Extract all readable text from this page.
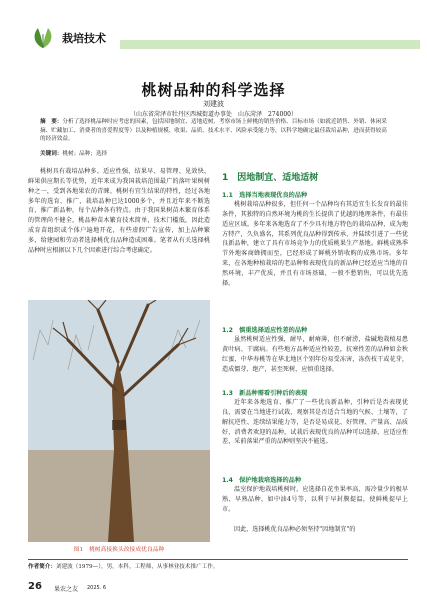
栽培技术
桃树品种的科学选择
刘建波
（山东省菏泽市牡丹区西城街道办事处　山东菏泽　274000）
摘　要：分析了选择桃品种时应考虑的因素，包括因地制宜、适地适树、考察市场上鲜桃的销售价格、目标市场（如就近销售、外销、休闲采摘、贮藏加工、消费者的喜爱程度等）以及种植规模、收果、品质、技术水平、风险承受能力等，以科学地确定最佳栽培品种，进而获得较高的经济效益。
关键词：桃树；品种；选择
桃树具有栽培品种多、适应性强、结果早、易管理、见效快、鲜果供应期长等优势，近年来成为我国栽培范围最广的落叶果树树种之一，受到各地果农的青睐。桃树有宜生结果的特性，经过各地多年的选育、推广，栽培品种已达1000多个，并且近年来不断选育、推广新品种，每个品种各有特点。由于我国果树苗木繁育体系的管理尚不健全，桃品种苗木繁育技术简单，技术门槛低，因此造成育苗组织或个体户遍地开花，有些虚假广告宣传，加上品种繁多，给建园和劳动者选择桃优良品种造成困难。笔者从有关选择桃品种时应根据以下几个因素进行综合考虑确定。
图1　桃树高接换头改接成优良品种
1　因地制宜、适地适树
1.1　选择当地表现优良的品种
桃树栽培品种很多，但任何一个品种均有其适宜生长发育的最佳条件，其独特的自然环境为桃的生长提供了优越的地理条件，有最佳适应区域。多年来各地选育了不少具有地方特色的栽培品种，成为地方特产，久负盛名，其系列优良品种得到传承，并陆续引进了一些优良新品种，建立了具有市场竞争力的优质桃果生产基地。鲜桃成熟季节外地客商蜂拥而至，已经形成了鲜桃外销收购的成熟市场。多年来，在各地种植栽培的老品种和表现优良的新品种已经适应当地的自然环境，丰产优质，并且有市场基础，一般不愁销售，可以优先选择。
1.2　慎重选择适应性差的品种
虽然桃树适应性强，耐旱，耐瘠薄，但不耐涝，盐碱地栽植易患黄叶病、干腐病。有些地方品种适应性较差，抗寒性差的品种如金秋红蜜、中华寿桃等在华北地区个别年份易受冻害，冻伤枝干或花芽，造成僵芽、绝产，甚至死树，应慎重选择。
1.3　新品种需看引种后的表现
近年来各地选育、推广了一些优良新品种，引种后是否表现优良，需要在当地进行试栽、观察其是否适合当地的气候、土壤等，了解抗逆性、连续结果能力等，是否是易成花、好管理、产量高、品质好、消费者欢迎的品种，试栽后表现优良的品种可以选择，应适应性差、采前落果严重的品种则坚决不能选。
1.4　保护地栽培选择的品种
温室保护地栽培桃树时，应选择自花坐果率高、需冷量少的极早熟、早熟品种，如中油4号等，以利于早封膜提温，使鲜桃提早上市。
因此，选择桃优良品种必须坚持"因地制宜"的
作者简介：刘建波（1979—），男，本科，工程师，从事林业技术推广工作。
26 果农之友 2025. 6
